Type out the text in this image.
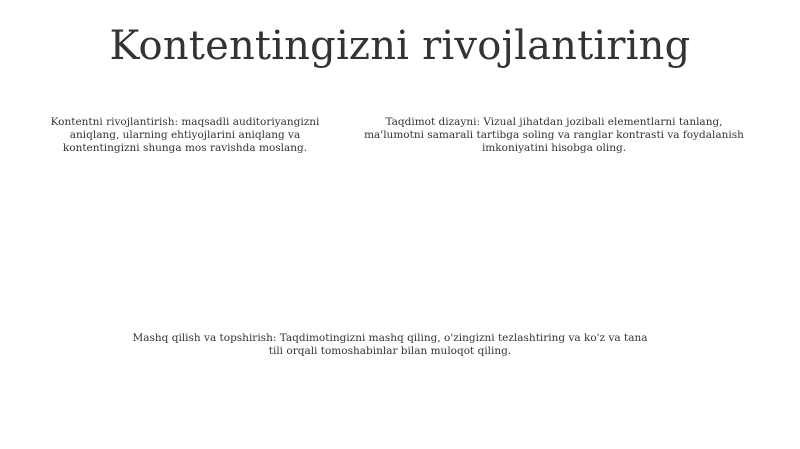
Kontentingizni rivojlantiring

Kontentni rivojlantirish: maqsadli auditoriyangizni aniqlang, ularning ehtiyojlarini aniqlang va kontentingizni shunga mos ravishda moslang.

Taqdimot dizayni: Vizual jihatdan jozibali elementlarni tanlang, ma'lumotni samarali tartibga soling va ranglar kontrasti va foydalanish imkoniyatini hisobga oling.

Mashq qilish va topshirish: Taqdimotingizni mashq qiling, o'zingizni tezlashtiring va ko'z va tana tili orqali tomoshabinlar bilan muloqot qiling.
